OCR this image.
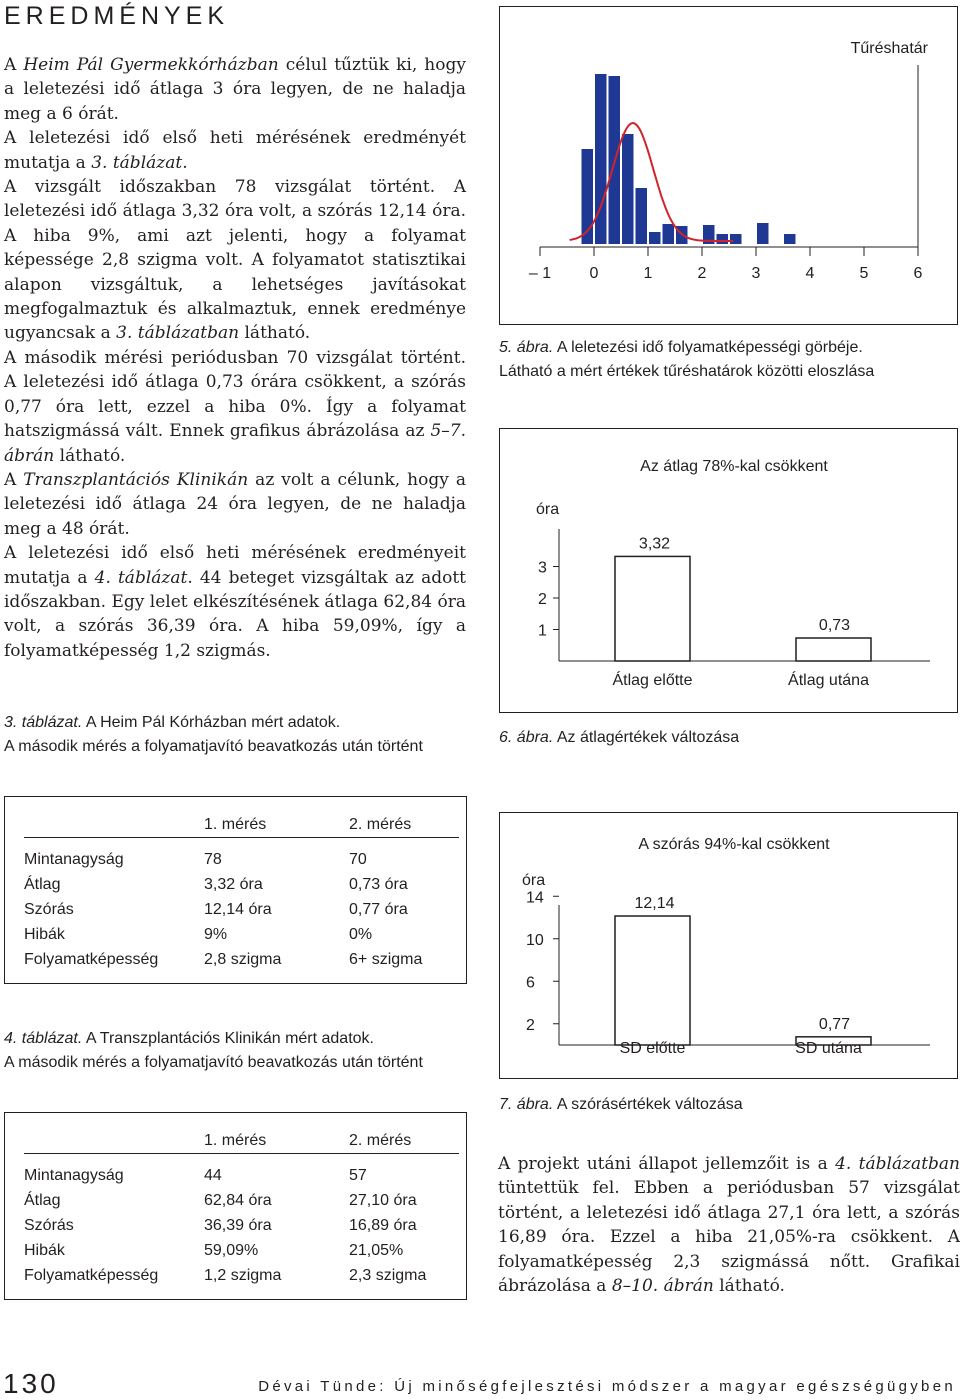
EREDMÉNYEK

A Heim Pál Gyermekkórházban célul tűztük ki, hogy a leletezési idő átlaga 3 óra legyen, de ne haladja meg a 6 órát.

A leletezési idő első heti mérésének eredményét mutatja a 3. táblázat.

A vizsgált időszakban 78 vizsgálat történt. A leletezési idő átlaga 3,32 óra volt, a szórás 12,14 óra. A hiba 9%, ami azt jelenti, hogy a folyamat képessége 2,8 szigma volt. A folyamatot statisztikai alapon vizsgáltuk, a lehetséges javításokat megfogalmaztuk és alkalmaztuk, ennek eredménye ugyancsak a 3. táblázatban látható.

A második mérési periódusban 70 vizsgálat történt. A leletezési idő átlaga 0,73 órára csökkent, a szórás 0,77 óra lett, ezzel a hiba 0%. Így a folyamat hatszigmássá vált. Ennek grafikus ábrázolása az 5–7. ábrán látható.

A Transzplantációs Klinikán az volt a célunk, hogy a leletezési idő átlaga 24 óra legyen, de ne haladja meg a 48 órát.

A leletezési idő első heti mérésének eredményeit mutatja a 4. táblázat. 44 beteget vizsgáltak az adott időszakban. Egy lelet elkészítésének átlaga 62,84 óra volt, a szórás 36,39 óra. A hiba 59,09%, így a folyamatképesség 1,2 szigmás.

3. táblázat. A Heim Pál Kórházban mért adatok.
A második mérés a folyamatjavító beavatkozás után történt
	1. mérés	2. mérés

Mintanagyság	78	70
Átlag	3,32 óra	0,73 óra
Szórás	12,14 óra	0,77 óra
Hibák	9%	0%
Folyamatképesség	2,8 szigma	6+ szigma
4. táblázat. A Transzplantációs Klinikán mért adatok.
A második mérés a folyamatjavító beavatkozás után történt
	1. mérés	2. mérés

Mintanagyság	44	57
Átlag	62,84 óra	27,10 óra
Szórás	36,39 óra	16,89 óra
Hibák	59,09%	21,05%
Folyamatképesség	1,2 szigma	2,3 szigma
– 1 0	1	2	3	4	5	6
Tűréshatár
5. ábra. A leletezési idő folyamatképességi görbéje.
Látható a mért értékek tűréshatárok közötti eloszlása
óra
3
2
1
3,32
Átlag előtte
0,73
Átlag utána
Az átlag 78%-kal csökkent
6. ábra. Az átlagértékek változása
óra
14
10
6
2
12,14
SD előtte
0,77
SD utána
A szórás 94%-kal csökkent
7. ábra. A szórásértékek változása
A projekt utáni állapot jellemzőit is a 4. táblázatban tüntettük fel. Ebben a periódusban 57 vizsgálat történt, a leletezési idő átlaga 27,1 óra lett, a szórás 16,89 óra. Ezzel a hiba 21,05%-ra csökkent. A folyamatképesség 2,3 szigmássá nőtt. Grafikai ábrázolása a 8–10. ábrán látható.
130	Dévai Tünde: Új minőségfejlesztési módszer a magyar egészségügyben
